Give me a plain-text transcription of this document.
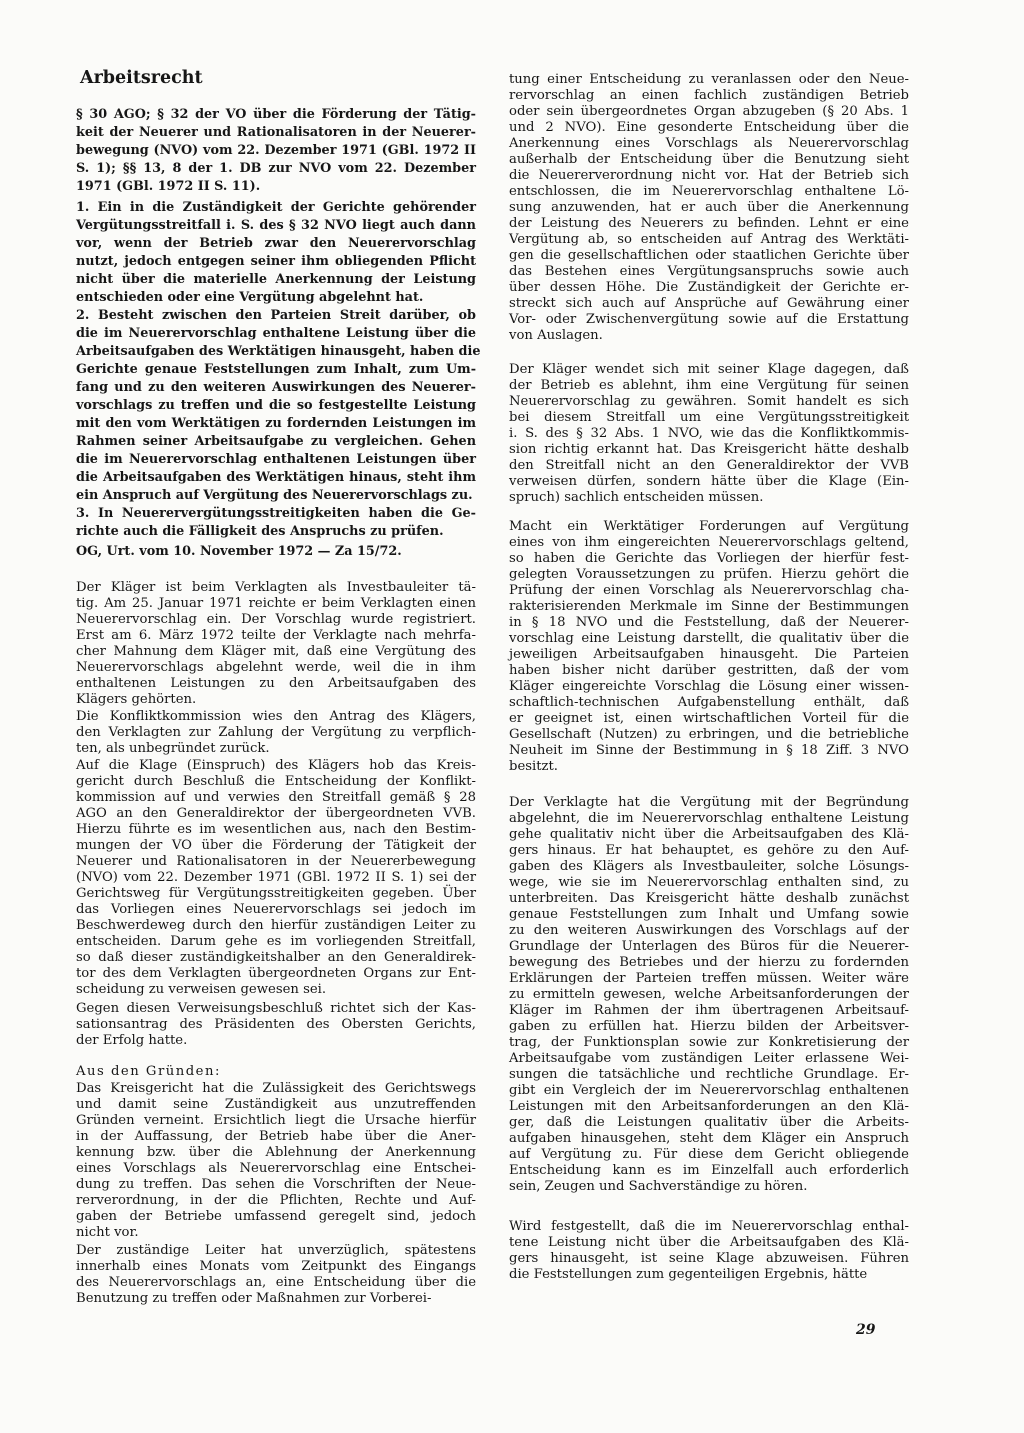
Arbeitsrecht
§ 30 AGO; § 32 der VO über die Förderung der Tätig-
keit der Neuerer und Rationalisatoren in der Neuerer-
bewegung (NVO) vom 22. Dezember 1971 (GBl. 1972 II
S. 1); §§ 13, 8 der 1. DB zur NVO vom 22. Dezember
1971 (GBl. 1972 II S. 11).
1. Ein in die Zuständigkeit der Gerichte gehörender
Vergütungsstreitfall i. S. des § 32 NVO liegt auch dann
vor, wenn der Betrieb zwar den Neuerervorschlag
nutzt, jedoch entgegen seiner ihm obliegenden Pflicht
nicht über die materielle Anerkennung der Leistung
entschieden oder eine Vergütung abgelehnt hat.
2. Besteht zwischen den Parteien Streit darüber, ob
die im Neuerervorschlag enthaltene Leistung über die
Arbeitsaufgaben des Werktätigen hinausgeht, haben die
Gerichte genaue Feststellungen zum Inhalt, zum Um-
fang und zu den weiteren Auswirkungen des Neuerer-
vorschlags zu treffen und die so festgestellte Leistung
mit den vom Werktätigen zu fordernden Leistungen im
Rahmen seiner Arbeitsaufgabe zu vergleichen. Gehen
die im Neuerervorschlag enthaltenen Leistungen über
die Arbeitsaufgaben des Werktätigen hinaus, steht ihm
ein Anspruch auf Vergütung des Neuerervorschlags zu.
3. In Neuerervergütungsstreitigkeiten haben die Ge-
richte auch die Fälligkeit des Anspruchs zu prüfen.
OG, Urt. vom 10. November 1972 — Za 15/72.
Der Kläger ist beim Verklagten als Investbauleiter tä-
tig. Am 25. Januar 1971 reichte er beim Verklagten einen
Neuerervorschlag ein. Der Vorschlag wurde registriert.
Erst am 6. März 1972 teilte der Verklagte nach mehrfa-
cher Mahnung dem Kläger mit, daß eine Vergütung des
Neuerervorschlags abgelehnt werde, weil die in ihm
enthaltenen Leistungen zu den Arbeitsaufgaben des
Klägers gehörten.
Die Konfliktkommission wies den Antrag des Klägers,
den Verklagten zur Zahlung der Vergütung zu verpflich-
ten, als unbegründet zurück.
Auf die Klage (Einspruch) des Klägers hob das Kreis-
gericht durch Beschluß die Entscheidung der Konflikt-
kommission auf und verwies den Streitfall gemäß § 28
AGO an den Generaldirektor der übergeordneten VVB.
Hierzu führte es im wesentlichen aus, nach den Bestim-
mungen der VO über die Förderung der Tätigkeit der
Neuerer und Rationalisatoren in der Neuererbewegung
(NVO) vom 22. Dezember 1971 (GBl. 1972 II S. 1) sei der
Gerichtsweg für Vergütungsstreitigkeiten gegeben. Über
das Vorliegen eines Neuerervorschlags sei jedoch im
Beschwerdeweg durch den hierfür zuständigen Leiter zu
entscheiden. Darum gehe es im vorliegenden Streitfall,
so daß dieser zuständigkeitshalber an den Generaldirek-
tor des dem Verklagten übergeordneten Organs zur Ent-
scheidung zu verweisen gewesen sei.
Gegen diesen Verweisungsbeschluß richtet sich der Kas-
sationsantrag des Präsidenten des Obersten Gerichts,
der Erfolg hatte.
Aus den Gründen:
Das Kreisgericht hat die Zulässigkeit des Gerichtswegs
und damit seine Zuständigkeit aus unzutreffenden
Gründen verneint. Ersichtlich liegt die Ursache hierfür
in der Auffassung, der Betrieb habe über die Aner-
kennung bzw. über die Ablehnung der Anerkennung
eines Vorschlags als Neuerervorschlag eine Entschei-
dung zu treffen. Das sehen die Vorschriften der Neue-
rerverordnung, in der die Pflichten, Rechte und Auf-
gaben der Betriebe umfassend geregelt sind, jedoch
nicht vor.
Der zuständige Leiter hat unverzüglich, spätestens
innerhalb eines Monats vom Zeitpunkt des Eingangs
des Neuerervorschlags an, eine Entscheidung über die
Benutzung zu treffen oder Maßnahmen zur Vorberei-
tung einer Entscheidung zu veranlassen oder den Neue-
rervorschlag an einen fachlich zuständigen Betrieb
oder sein übergeordnetes Organ abzugeben (§ 20 Abs. 1
und 2 NVO). Eine gesonderte Entscheidung über die
Anerkennung eines Vorschlags als Neuerervorschlag
außerhalb der Entscheidung über die Benutzung sieht
die Neuererverordnung nicht vor. Hat der Betrieb sich
entschlossen, die im Neuerervorschlag enthaltene Lö-
sung anzuwenden, hat er auch über die Anerkennung
der Leistung des Neuerers zu befinden. Lehnt er eine
Vergütung ab, so entscheiden auf Antrag des Werktäti-
gen die gesellschaftlichen oder staatlichen Gerichte über
das Bestehen eines Vergütungsanspruchs sowie auch
über dessen Höhe. Die Zuständigkeit der Gerichte er-
streckt sich auch auf Ansprüche auf Gewährung einer
Vor- oder Zwischenvergütung sowie auf die Erstattung
von Auslagen.
Der Kläger wendet sich mit seiner Klage dagegen, daß
der Betrieb es ablehnt, ihm eine Vergütung für seinen
Neuerervorschlag zu gewähren. Somit handelt es sich
bei diesem Streitfall um eine Vergütungsstreitigkeit
i. S. des § 32 Abs. 1 NVO, wie das die Konfliktkommis-
sion richtig erkannt hat. Das Kreisgericht hätte deshalb
den Streitfall nicht an den Generaldirektor der VVB
verweisen dürfen, sondern hätte über die Klage (Ein-
spruch) sachlich entscheiden müssen.
Macht ein Werktätiger Forderungen auf Vergütung
eines von ihm eingereichten Neuerervorschlags geltend,
so haben die Gerichte das Vorliegen der hierfür fest-
gelegten Voraussetzungen zu prüfen. Hierzu gehört die
Prüfung der einen Vorschlag als Neuerervorschlag cha-
rakterisierenden Merkmale im Sinne der Bestimmungen
in § 18 NVO und die Feststellung, daß der Neuerer-
vorschlag eine Leistung darstellt, die qualitativ über die
jeweiligen Arbeitsaufgaben hinausgeht. Die Parteien
haben bisher nicht darüber gestritten, daß der vom
Kläger eingereichte Vorschlag die Lösung einer wissen-
schaftlich-technischen Aufgabenstellung enthält, daß
er geeignet ist, einen wirtschaftlichen Vorteil für die
Gesellschaft (Nutzen) zu erbringen, und die betriebliche
Neuheit im Sinne der Bestimmung in § 18 Ziff. 3 NVO
besitzt.
Der Verklagte hat die Vergütung mit der Begründung
abgelehnt, die im Neuerervorschlag enthaltene Leistung
gehe qualitativ nicht über die Arbeitsaufgaben des Klä-
gers hinaus. Er hat behauptet, es gehöre zu den Auf-
gaben des Klägers als Investbauleiter, solche Lösungs-
wege, wie sie im Neuerervorschlag enthalten sind, zu
unterbreiten. Das Kreisgericht hätte deshalb zunächst
genaue Feststellungen zum Inhalt und Umfang sowie
zu den weiteren Auswirkungen des Vorschlags auf der
Grundlage der Unterlagen des Büros für die Neuerer-
bewegung des Betriebes und der hierzu zu fordernden
Erklärungen der Parteien treffen müssen. Weiter wäre
zu ermitteln gewesen, welche Arbeitsanforderungen der
Kläger im Rahmen der ihm übertragenen Arbeitsauf-
gaben zu erfüllen hat. Hierzu bilden der Arbeitsver-
trag, der Funktionsplan sowie zur Konkretisierung der
Arbeitsaufgabe vom zuständigen Leiter erlassene Wei-
sungen die tatsächliche und rechtliche Grundlage. Er-
gibt ein Vergleich der im Neuerervorschlag enthaltenen
Leistungen mit den Arbeitsanforderungen an den Klä-
ger, daß die Leistungen qualitativ über die Arbeits-
aufgaben hinausgehen, steht dem Kläger ein Anspruch
auf Vergütung zu. Für diese dem Gericht obliegende
Entscheidung kann es im Einzelfall auch erforderlich
sein, Zeugen und Sachverständige zu hören.
Wird festgestellt, daß die im Neuerervorschlag enthal-
tene Leistung nicht über die Arbeitsaufgaben des Klä-
gers hinausgeht, ist seine Klage abzuweisen. Führen
die Feststellungen zum gegenteiligen Ergebnis, hätte
29
